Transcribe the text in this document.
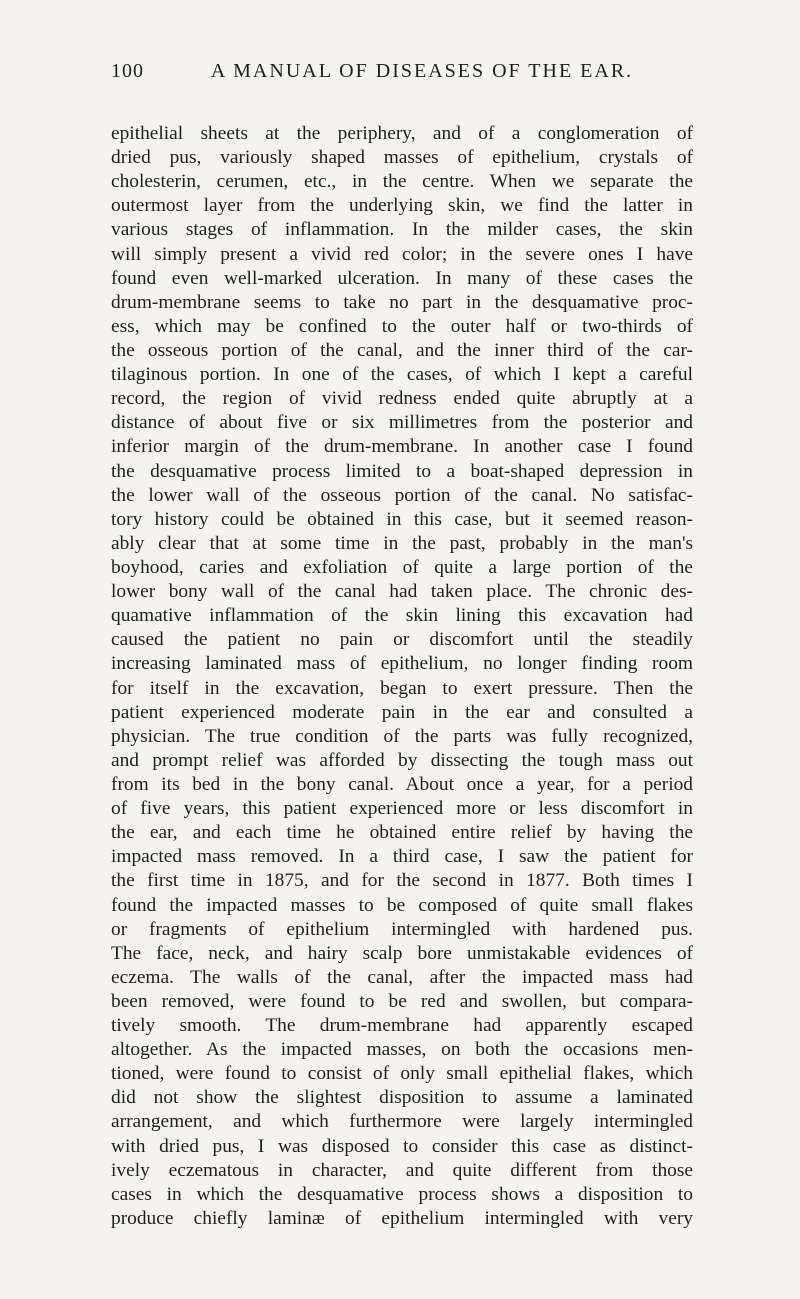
100	A MANUAL OF DISEASES OF THE EAR.
epithelial sheets at the periphery, and of a conglomeration of
dried pus, variously shaped masses of epithelium, crystals of
cholesterin, cerumen, etc., in the centre. When we separate the
outermost layer from the underlying skin, we find the latter in
various stages of inflammation. In the milder cases, the skin
will simply present a vivid red color; in the severe ones I have
found even well-marked ulceration. In many of these cases the
drum-membrane seems to take no part in the desquamative proc-
ess, which may be confined to the outer half or two-thirds of
the osseous portion of the canal, and the inner third of the car-
tilaginous portion. In one of the cases, of which I kept a careful
record, the region of vivid redness ended quite abruptly at a
distance of about five or six millimetres from the posterior and
inferior margin of the drum-membrane. In another case I found
the desquamative process limited to a boat-shaped depression in
the lower wall of the osseous portion of the canal. No satisfac-
tory history could be obtained in this case, but it seemed reason-
ably clear that at some time in the past, probably in the man's
boyhood, caries and exfoliation of quite a large portion of the
lower bony wall of the canal had taken place. The chronic des-
quamative inflammation of the skin lining this excavation had
caused the patient no pain or discomfort until the steadily
increasing laminated mass of epithelium, no longer finding room
for itself in the excavation, began to exert pressure. Then the
patient experienced moderate pain in the ear and consulted a
physician. The true condition of the parts was fully recognized,
and prompt relief was afforded by dissecting the tough mass out
from its bed in the bony canal. About once a year, for a period
of five years, this patient experienced more or less discomfort in
the ear, and each time he obtained entire relief by having the
impacted mass removed. In a third case, I saw the patient for
the first time in 1875, and for the second in 1877. Both times I
found the impacted masses to be composed of quite small flakes
or fragments of epithelium intermingled with hardened pus.
The face, neck, and hairy scalp bore unmistakable evidences of
eczema. The walls of the canal, after the impacted mass had
been removed, were found to be red and swollen, but compara-
tively smooth. The drum-membrane had apparently escaped
altogether. As the impacted masses, on both the occasions men-
tioned, were found to consist of only small epithelial flakes, which
did not show the slightest disposition to assume a laminated
arrangement, and which furthermore were largely intermingled
with dried pus, I was disposed to consider this case as distinct-
ively eczematous in character, and quite different from those
cases in which the desquamative process shows a disposition to
produce chiefly laminæ of epithelium intermingled with very
